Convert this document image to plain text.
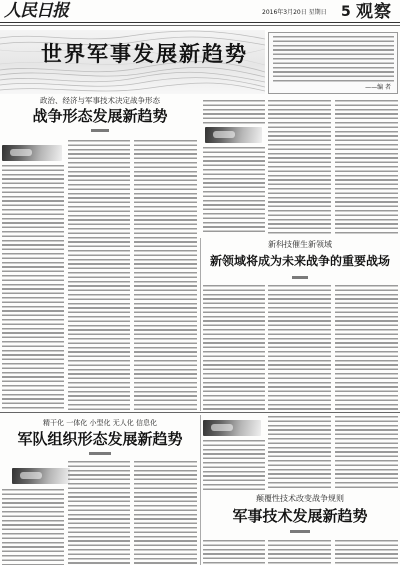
人民日报	2016年3月20日 星期日 5 观察
世界军事发展新趋势
——编 者
政治、经济与军事技术决定战争形态
战争形态发展新趋势
新科技催生新领域
新领域将成为未来战争的重要战场
精干化 一体化 小型化 无人化 信息化
军队组织形态发展新趋势
颠覆性技术改变战争规则
军事技术发展新趋势
